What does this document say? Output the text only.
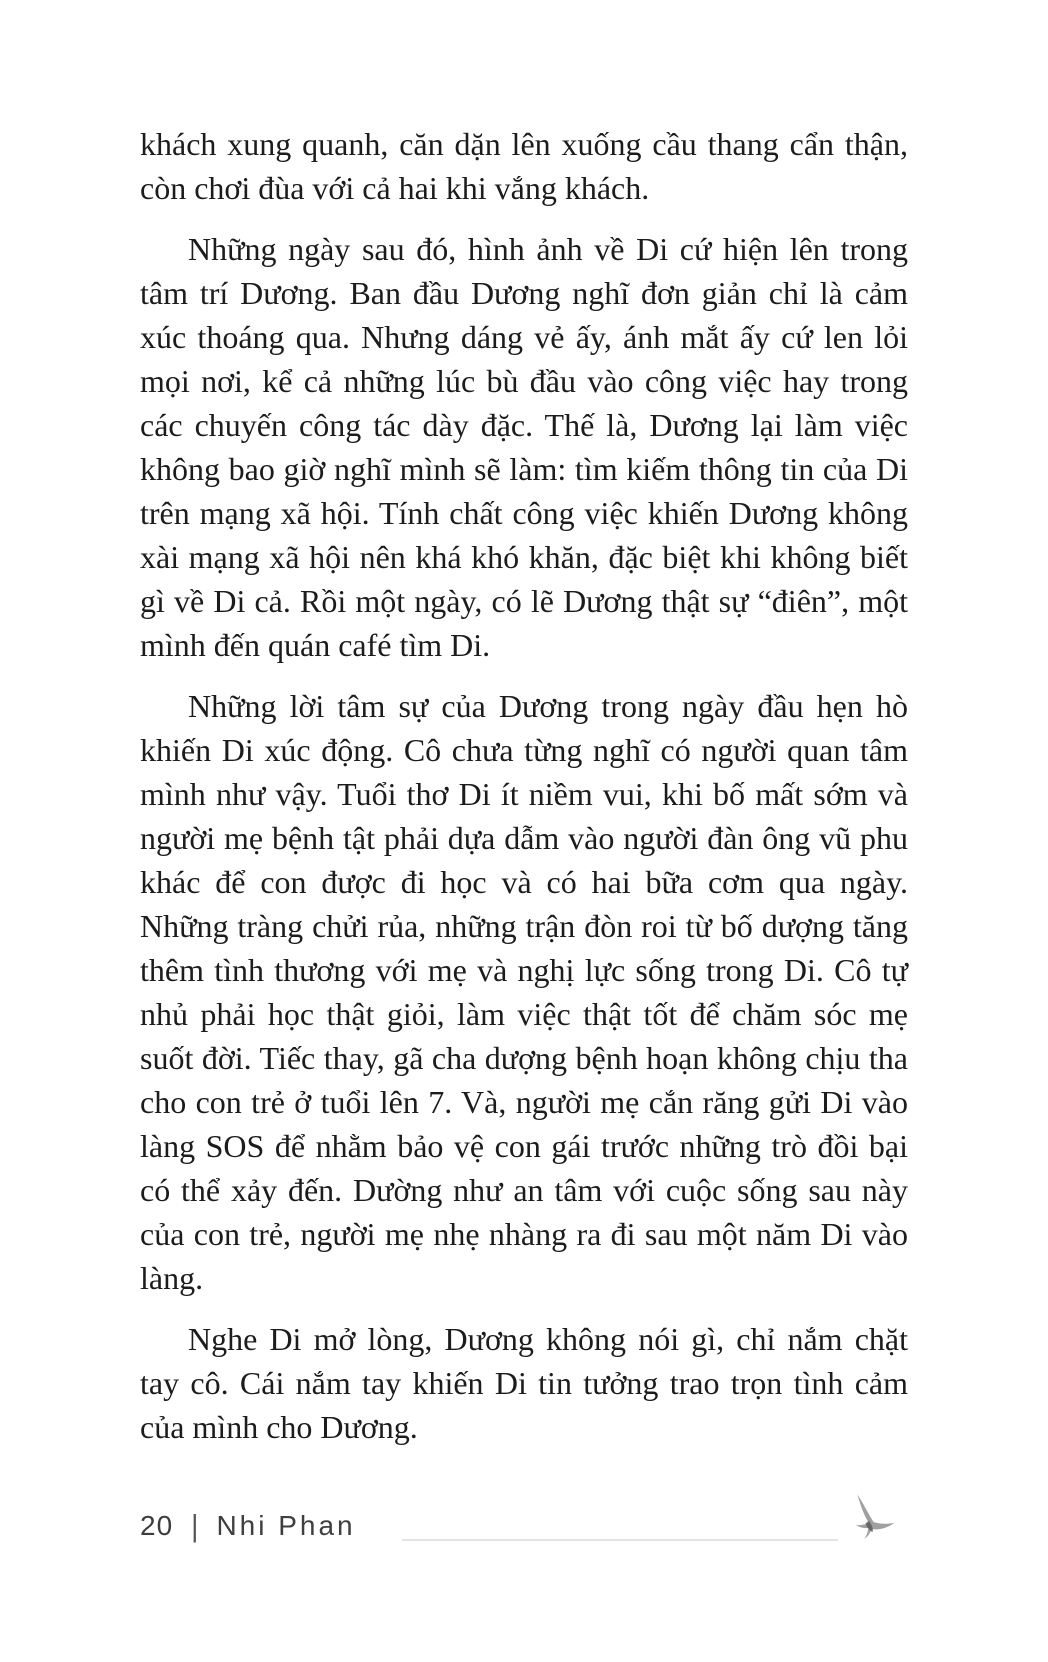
khách xung quanh, căn dặn lên xuống cầu thang cẩn thận, còn chơi đùa với cả hai khi vắng khách.

Những ngày sau đó, hình ảnh về Di cứ hiện lên trong tâm trí Dương. Ban đầu Dương nghĩ đơn giản chỉ là cảm xúc thoáng qua. Nhưng dáng vẻ ấy, ánh mắt ấy cứ len lỏi mọi nơi, kể cả những lúc bù đầu vào công việc hay trong các chuyến công tác dày đặc. Thế là, Dương lại làm việc không bao giờ nghĩ mình sẽ làm: tìm kiếm thông tin của Di trên mạng xã hội. Tính chất công việc khiến Dương không xài mạng xã hội nên khá khó khăn, đặc biệt khi không biết gì về Di cả. Rồi một ngày, có lẽ Dương thật sự “điên”, một mình đến quán café tìm Di.

Những lời tâm sự của Dương trong ngày đầu hẹn hò khiến Di xúc động. Cô chưa từng nghĩ có người quan tâm mình như vậy. Tuổi thơ Di ít niềm vui, khi bố mất sớm và người mẹ bệnh tật phải dựa dẫm vào người đàn ông vũ phu khác để con được đi học và có hai bữa cơm qua ngày. Những tràng chửi rủa, những trận đòn roi từ bố dượng tăng thêm tình thương với mẹ và nghị lực sống trong Di. Cô tự nhủ phải học thật giỏi, làm việc thật tốt để chăm sóc mẹ suốt đời. Tiếc thay, gã cha dượng bệnh hoạn không chịu tha cho con trẻ ở tuổi lên 7. Và, người mẹ cắn răng gửi Di vào làng SOS để nhằm bảo vệ con gái trước những trò đồi bại có thể xảy đến. Dường như an tâm với cuộc sống sau này của con trẻ, người mẹ nhẹ nhàng ra đi sau một năm Di vào làng.

Nghe Di mở lòng, Dương không nói gì, chỉ nắm chặt tay cô. Cái nắm tay khiến Di tin tưởng trao trọn tình cảm của mình cho Dương.

20 | Nhi Phan
